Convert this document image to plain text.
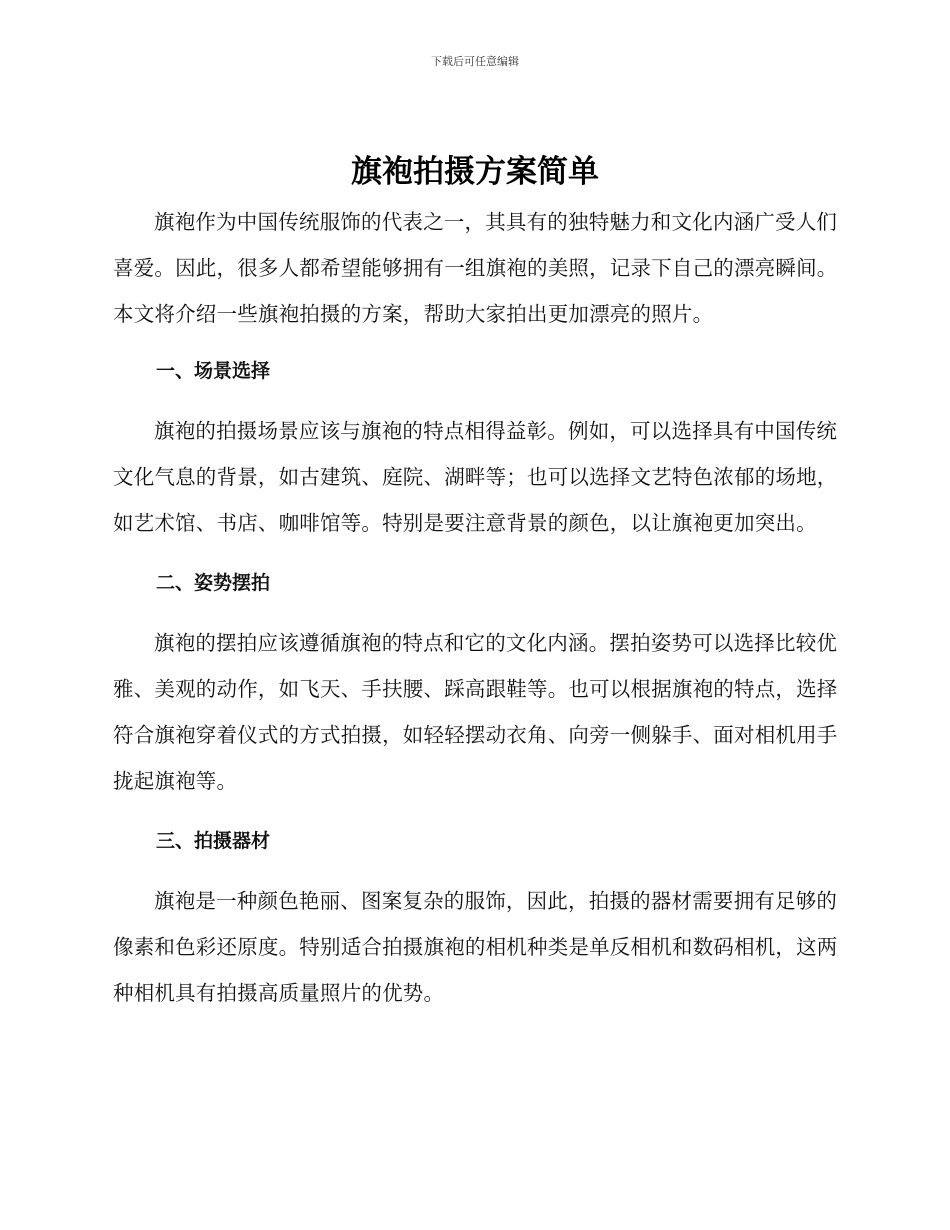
下载后可任意编辑
旗袍拍摄方案简单

旗袍作为中国传统服饰的代表之一，其具有的独特魅力和文化内涵广受人们喜爱。因此，很多人都希望能够拥有一组旗袍的美照，记录下自己的漂亮瞬间。本文将介绍一些旗袍拍摄的方案，帮助大家拍出更加漂亮的照片。

一、场景选择

旗袍的拍摄场景应该与旗袍的特点相得益彰。例如，可以选择具有中国传统文化气息的背景，如古建筑、庭院、湖畔等；也可以选择文艺特色浓郁的场地，如艺术馆、书店、咖啡馆等。特别是要注意背景的颜色，以让旗袍更加突出。

二、姿势摆拍

旗袍的摆拍应该遵循旗袍的特点和它的文化内涵。摆拍姿势可以选择比较优雅、美观的动作，如飞天、手扶腰、踩高跟鞋等。也可以根据旗袍的特点，选择符合旗袍穿着仪式的方式拍摄，如轻轻摆动衣角、向旁一侧躲手、面对相机用手拢起旗袍等。

三、拍摄器材

旗袍是一种颜色艳丽、图案复杂的服饰，因此，拍摄的器材需要拥有足够的像素和色彩还原度。特别适合拍摄旗袍的相机种类是单反相机和数码相机，这两种相机具有拍摄高质量照片的优势。
